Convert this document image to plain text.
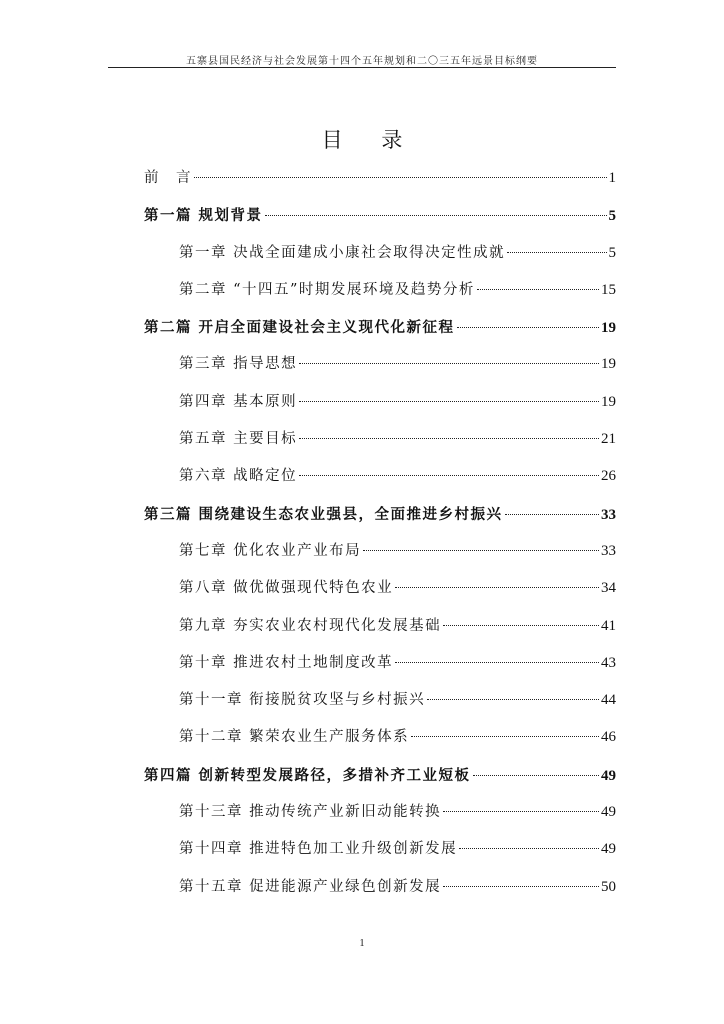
五寨县国民经济与社会发展第十四个五年规划和二〇三五年远景目标纲要
目 录
前　言	1
第一篇 规划背景	5
第一章 决战全面建成小康社会取得决定性成就	5
第二章 “十四五”时期发展环境及趋势分析	15
第二篇 开启全面建设社会主义现代化新征程	19
第三章 指导思想	19
第四章 基本原则	19
第五章 主要目标	21
第六章 战略定位	26
第三篇 围绕建设生态农业强县，全面推进乡村振兴	33
第七章 优化农业产业布局	33
第八章 做优做强现代特色农业	34
第九章 夯实农业农村现代化发展基础	41
第十章 推进农村土地制度改革	43
第十一章 衔接脱贫攻坚与乡村振兴	44
第十二章 繁荣农业生产服务体系	46
第四篇 创新转型发展路径，多措补齐工业短板	49
第十三章 推动传统产业新旧动能转换	49
第十四章 推进特色加工业升级创新发展	49
第十五章 促进能源产业绿色创新发展	50
1
